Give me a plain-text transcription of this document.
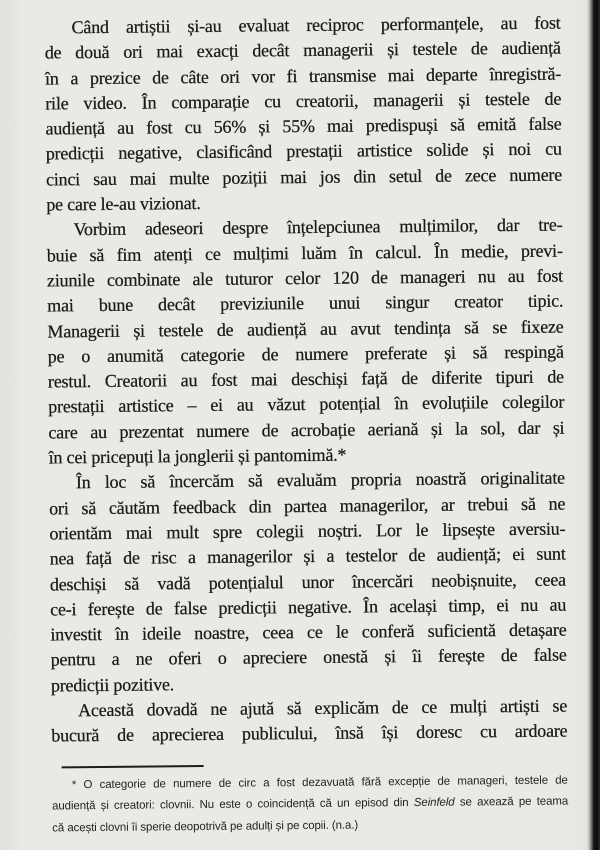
Când artiștii și-au evaluat reciproc performanțele, au fost
de două ori mai exacți decât managerii și testele de audiență
în a prezice de câte ori vor fi transmise mai departe înregistră-
rile video. În comparație cu creatorii, managerii și testele de
audiență au fost cu 56% și 55% mai predispuși să emită false
predicții negative, clasificând prestații artistice solide și noi cu
cinci sau mai multe poziții mai jos din setul de zece numere
pe care le-au vizionat.
Vorbim adeseori despre înțelepciunea mulțimilor, dar tre-
buie să fim atenți ce mulțimi luăm în calcul. În medie, previ-
ziunile combinate ale tuturor celor 120 de manageri nu au fost
mai bune decât previziunile unui singur creator tipic.
Managerii și testele de audiență au avut tendința să se fixeze
pe o anumită categorie de numere preferate și să respingă
restul. Creatorii au fost mai deschiși față de diferite tipuri de
prestații artistice – ei au văzut potențial în evoluțiile colegilor
care au prezentat numere de acrobație aeriană și la sol, dar și
în cei pricepuți la jonglerii și pantomimă.*
În loc să încercăm să evaluăm propria noastră originalitate
ori să căutăm feedback din partea managerilor, ar trebui să ne
orientăm mai mult spre colegii noștri. Lor le lipsește aversiu-
nea față de risc a managerilor și a testelor de audiență; ei sunt
deschiși să vadă potențialul unor încercări neobișnuite, ceea
ce-i ferește de false predicții negative. În același timp, ei nu au
investit în ideile noastre, ceea ce le conferă suficientă detașare
pentru a ne oferi o apreciere onestă și îi ferește de false
predicții pozitive.
Această dovadă ne ajută să explicăm de ce mulți artiști se
bucură de aprecierea publicului, însă își doresc cu ardoare
* O categorie de numere de circ a fost dezavuată fără excepție de manageri, testele de
audiență și creatori: clovnii. Nu este o coincidență că un episod din Seinfeld se axează pe teama
că acești clovni îi sperie deopotrivă pe adulți și pe copii. (n.a.)
